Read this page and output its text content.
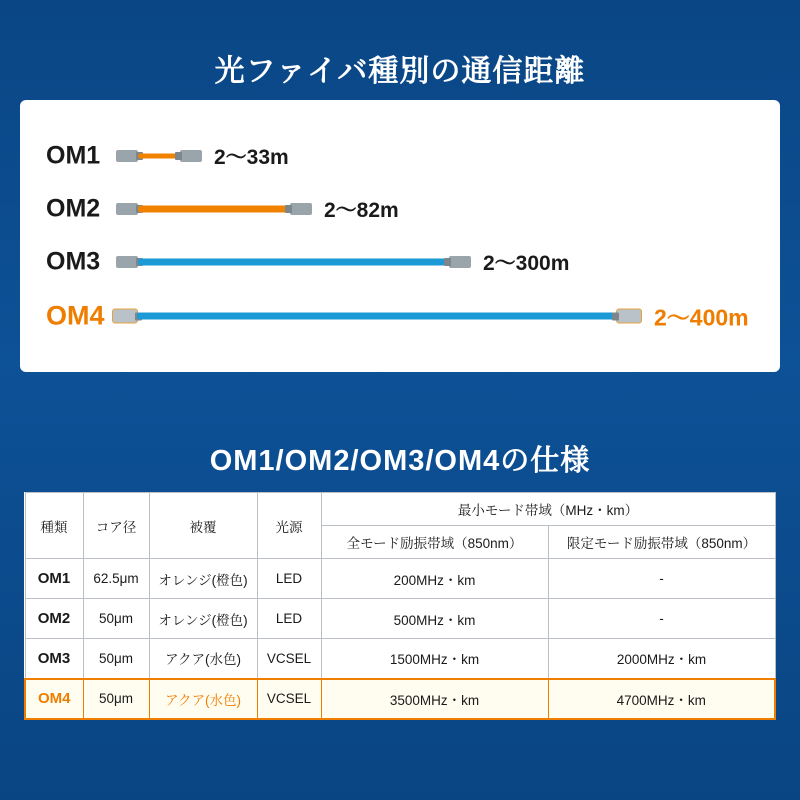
光ファイバ種別の通信距離
OM1	2～33m
OM2	2～82m
OM3	2～300m
OM4	2～400m
OM1/OM2/OM3/OM4の仕様
種類	コア径	被覆	光源	最小モード帯域（MHz・km）	
				全モード励振帯域（850nm）	限定モード励振帯域（850nm）
OM1	62.5μm	オレンジ(橙色)	LED	200MHz・km	-
OM2	50μm	オレンジ(橙色)	LED	500MHz・km	-
OM3	50μm	アクア(水色)	VCSEL	1500MHz・km	2000MHz・km
OM4	50μm	アクア(水色)	VCSEL	3500MHz・km	4700MHz・km
